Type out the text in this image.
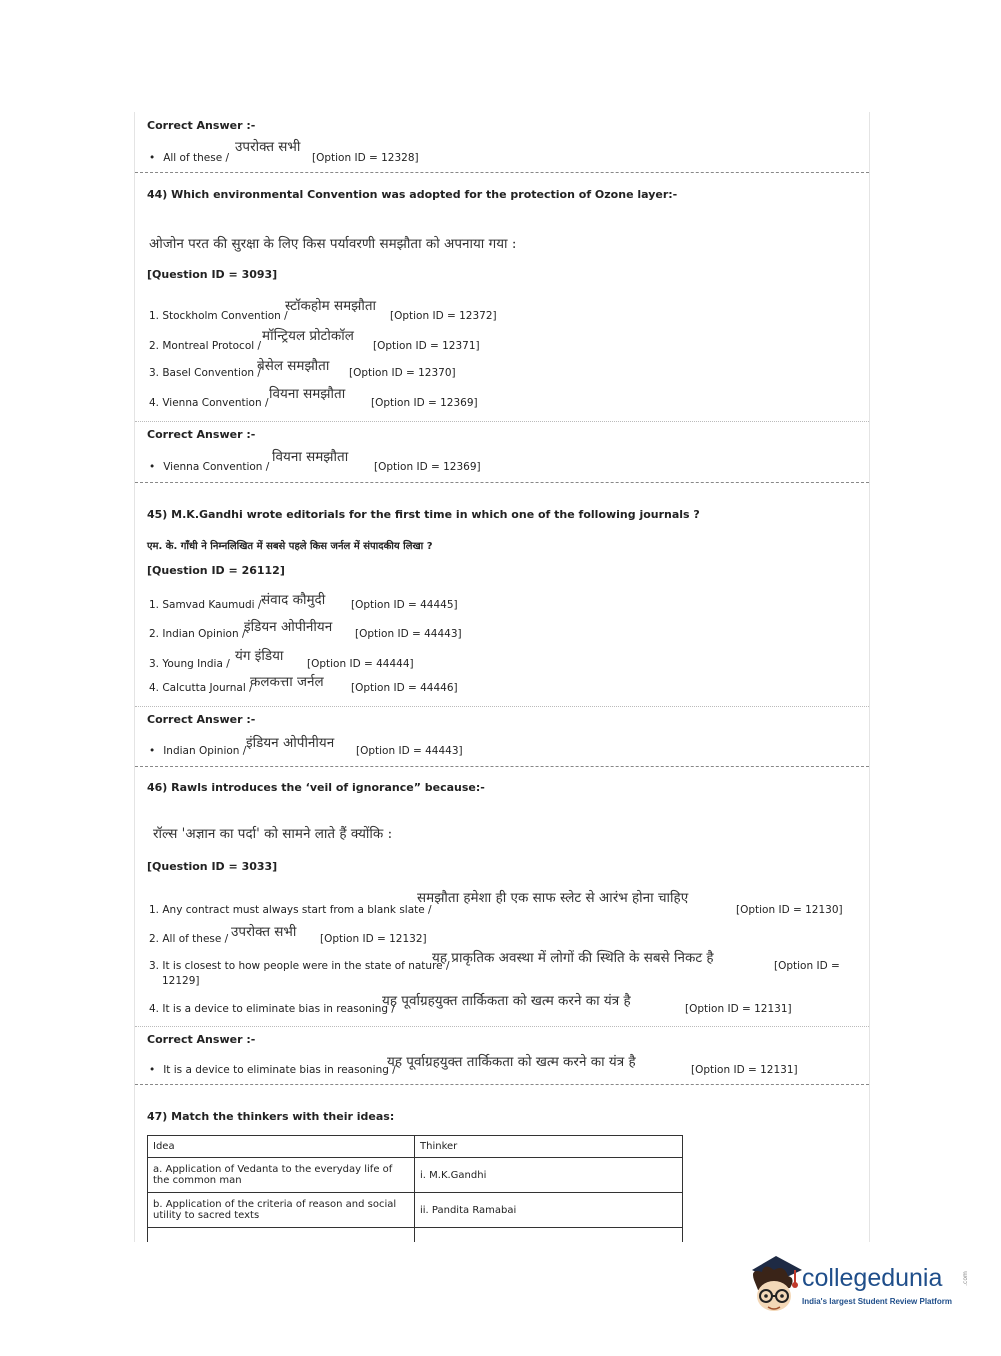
Correct Answer :-
• All of these /
उपरोक्त सभी
[Option ID = 12328]
44) Which environmental Convention was adopted for the protection of Ozone layer:-
ओजोन परत की सुरक्षा के लिए किस पर्यावरणी समझौता को अपनाया गया :
[Question ID = 3093]
1. Stockholm Convention /
स्टॉकहोम समझौता
[Option ID = 12372]
2. Montreal Protocol /
मॉन्ट्रियल प्रोटोकॉल
[Option ID = 12371]
3. Basel Convention /
बेसेल समझौता [Option ID = 12370]
4. Vienna Convention /
वियना समझौता
[Option ID = 12369]
Correct Answer :-
• Vienna Convention /
वियना समझौता
[Option ID = 12369]
45) M.K.Gandhi wrote editorials for the first time in which one of the following journals ?
एम. के. गाँधी ने निम्नलिखित में सबसे पहले किस जर्नल में संपादकीय लिखा ?
[Question ID = 26112]
1. Samvad Kaumudi / संवाद कौमुदी [Option ID = 44445]
2. Indian Opinion /
इंडियन ओपीनीयन [Option ID = 44443]
3. Young India / यंग इंडिया [Option ID = 44444]
4. Calcutta Journal /
कलकत्ता जर्नल	[Option ID = 44446]
Correct Answer :-
• Indian Opinion / इंडियन ओपीनीयन [Option ID = 44443]
46) Rawls introduces the ‘veil of ignorance” because:-
रॉल्स 'अज्ञान का पर्दा' को सामने लाते हैं क्योंकि :
[Question ID = 3033]
1. Any contract must always start from a blank slate /
समझौता हमेशा ही एक साफ स्लेट से आरंभ होना चाहिए
[Option ID = 12130]
2. All of these / उपरोक्त सभी [Option ID = 12132]
3. It is closest to how people were in the state of nature /
यह प्राकृतिक अवस्था में लोगों की स्थिति के सबसे निकट है	[Option ID =
12129]
4. It is a device to eliminate bias in reasoning /
यह पूर्वाग्रहयुक्त तार्किकता को खत्म करने का यंत्र है	[Option ID = 12131]
Correct Answer :-
• It is a device to eliminate bias in reasoning /
यह पूर्वाग्रहयुक्त तार्किकता को खत्म करने का यंत्र है	[Option ID = 12131]
47) Match the thinkers with their ideas:
Idea	Thinker
a. Application of Vedanta to the everyday life of the common man	i. M.K.Gandhi
b. Application of the criteria of reason and social utility to sacred texts	ii. Pandita Ramabai

collegedunia	.com
India's largest Student Review Platform
